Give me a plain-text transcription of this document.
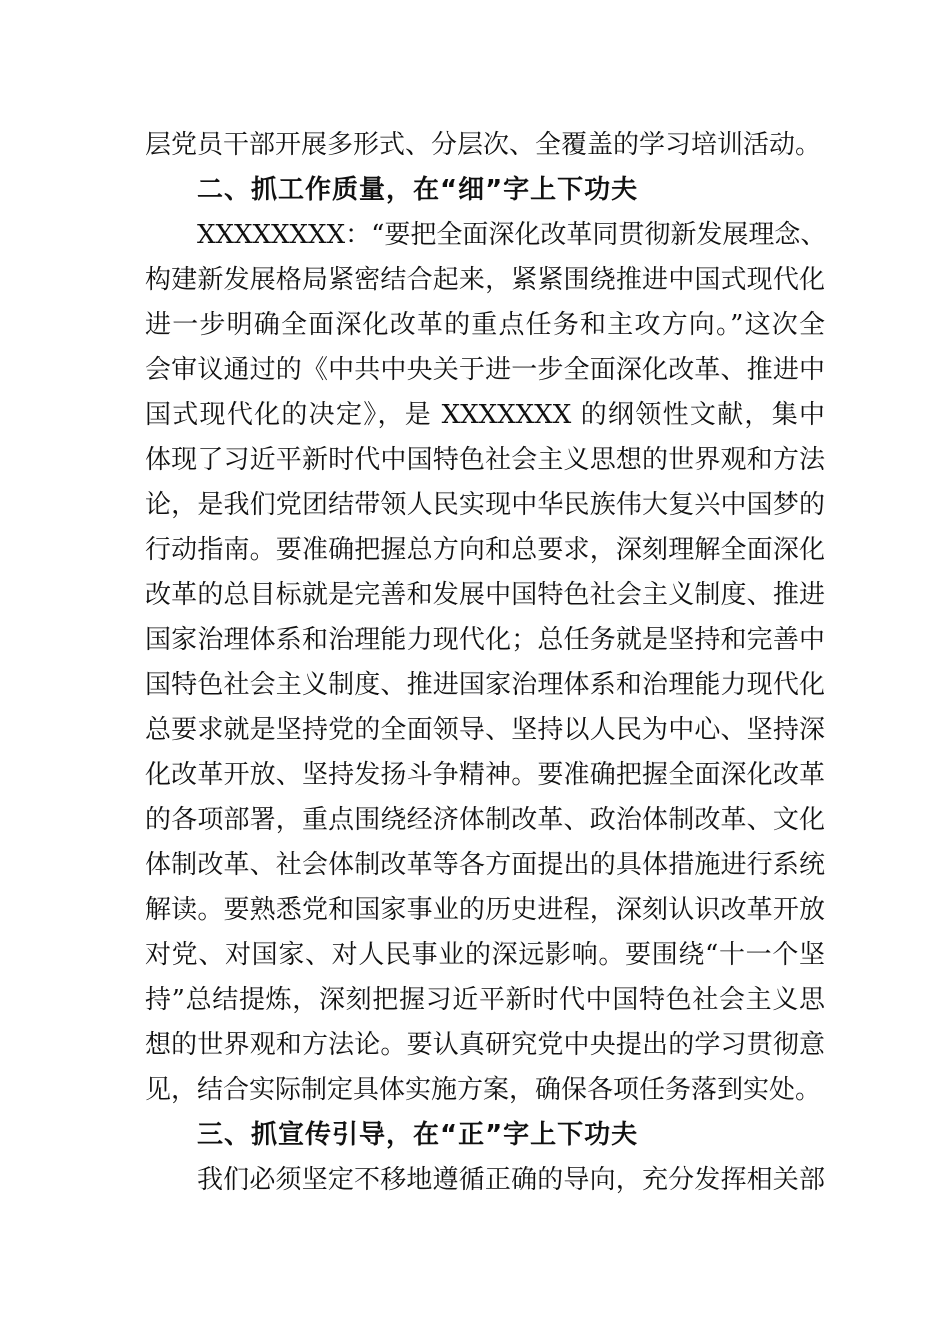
层党员干部开展多形式、分层次、全覆盖的学习培训活动。
二、抓工作质量，在“细”字上下功夫
XXXXXXXX：“要把全面深化改革同贯彻新发展理念、
构建新发展格局紧密结合起来，紧紧围绕推进中国式现代化
进一步明确全面深化改革的重点任务和主攻方向。”这次全
会审议通过的《中共中央关于进一步全面深化改革、推进中
国式现代化的决定》，是 XXXXXXX 的纲领性文献，集中
体现了习近平新时代中国特色社会主义思想的世界观和方法
论，是我们党团结带领人民实现中华民族伟大复兴中国梦的
行动指南。要准确把握总方向和总要求，深刻理解全面深化
改革的总目标就是完善和发展中国特色社会主义制度、推进
国家治理体系和治理能力现代化；总任务就是坚持和完善中
国特色社会主义制度、推进国家治理体系和治理能力现代化
总要求就是坚持党的全面领导、坚持以人民为中心、坚持深
化改革开放、坚持发扬斗争精神。要准确把握全面深化改革
的各项部署，重点围绕经济体制改革、政治体制改革、文化
体制改革、社会体制改革等各方面提出的具体措施进行系统
解读。要熟悉党和国家事业的历史进程，深刻认识改革开放
对党、对国家、对人民事业的深远影响。要围绕“十一个坚
持”总结提炼，深刻把握习近平新时代中国特色社会主义思
想的世界观和方法论。要认真研究党中央提出的学习贯彻意
见，结合实际制定具体实施方案，确保各项任务落到实处。
三、抓宣传引导，在“正”字上下功夫
我们必须坚定不移地遵循正确的导向，充分发挥相关部
